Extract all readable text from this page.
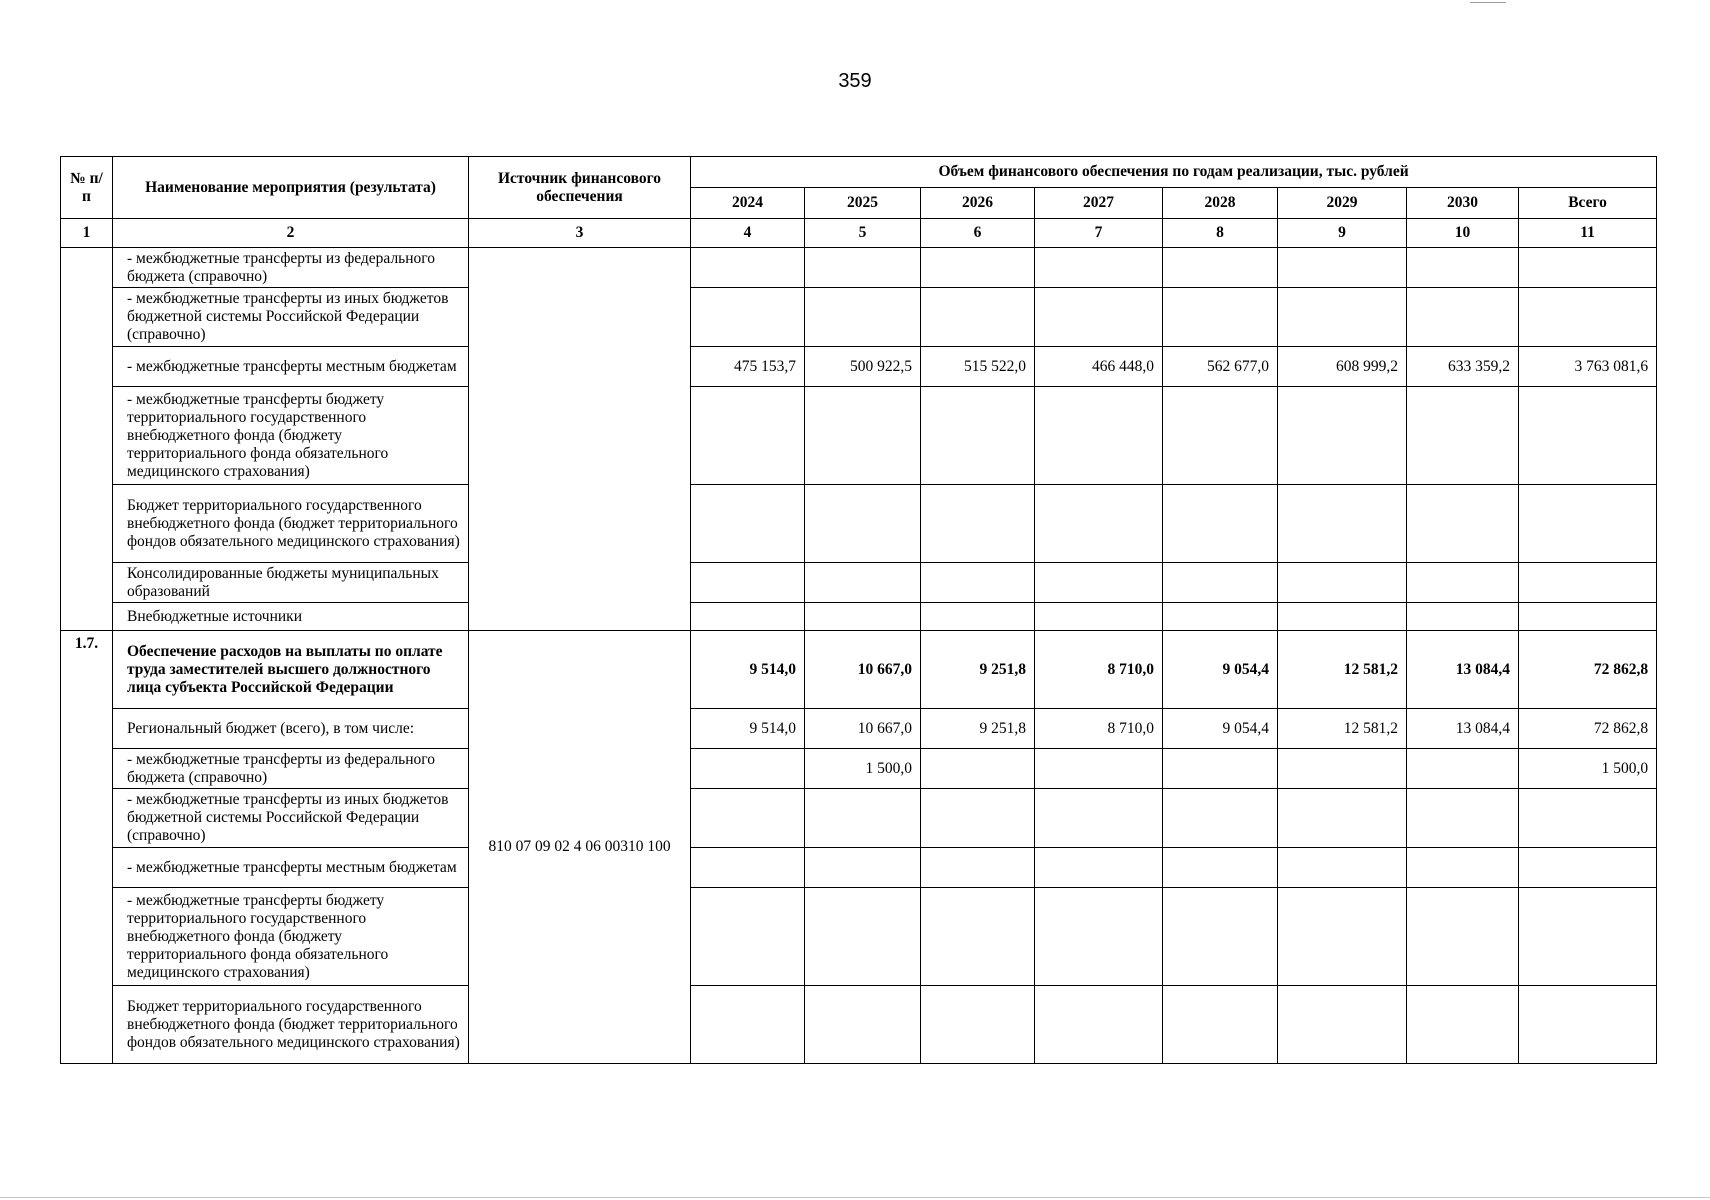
359
№ п/п	Наименование мероприятия (результата)	Источник финансового обеспечения	Объем финансового обеспечения по годам реализации, тыс. рублей							
			2024	2025	2026	2027	2028	2029	2030	Всего
1	2	3	4	5	6	7	8	9	10	11
	- межбюджетные трансферты из федерального бюджета (справочно)									
	- межбюджетные трансферты из иных бюджетов бюджетной системы Российской Федерации (справочно)									
	- межбюджетные трансферты местным бюджетам		475 153,7	500 922,5	515 522,0	466 448,0	562 677,0	608 999,2	633 359,2	3 763 081,6
	- межбюджетные трансферты бюджету территориального государственного внебюджетного фонда (бюджету территориального фонда обязательного медицинского страхования)									
	Бюджет территориального государственного внебюджетного фонда (бюджет территориального фондов обязательного медицинского страхования)									
	Консолидированные бюджеты муниципальных образований									
	Внебюджетные источники									
1.7.	Обеспечение расходов на выплаты по оплате труда заместителей высшего должностного лица субъекта Российской Федерации	810 07 09 02 4 06 00310 100	9 514,0	10 667,0	9 251,8	8 710,0	9 054,4	12 581,2	13 084,4	72 862,8
	Региональный бюджет (всего), в том числе:		9 514,0	10 667,0	9 251,8	8 710,0	9 054,4	12 581,2	13 084,4	72 862,8
	- межбюджетные трансферты из федерального бюджета (справочно)			1 500,0						1 500,0
	- межбюджетные трансферты из иных бюджетов бюджетной системы Российской Федерации (справочно)									
	- межбюджетные трансферты местным бюджетам									
	- межбюджетные трансферты бюджету территориального государственного внебюджетного фонда (бюджету территориального фонда обязательного медицинского страхования)									
	Бюджет территориального государственного внебюджетного фонда (бюджет территориального фондов обязательного медицинского страхования)									
